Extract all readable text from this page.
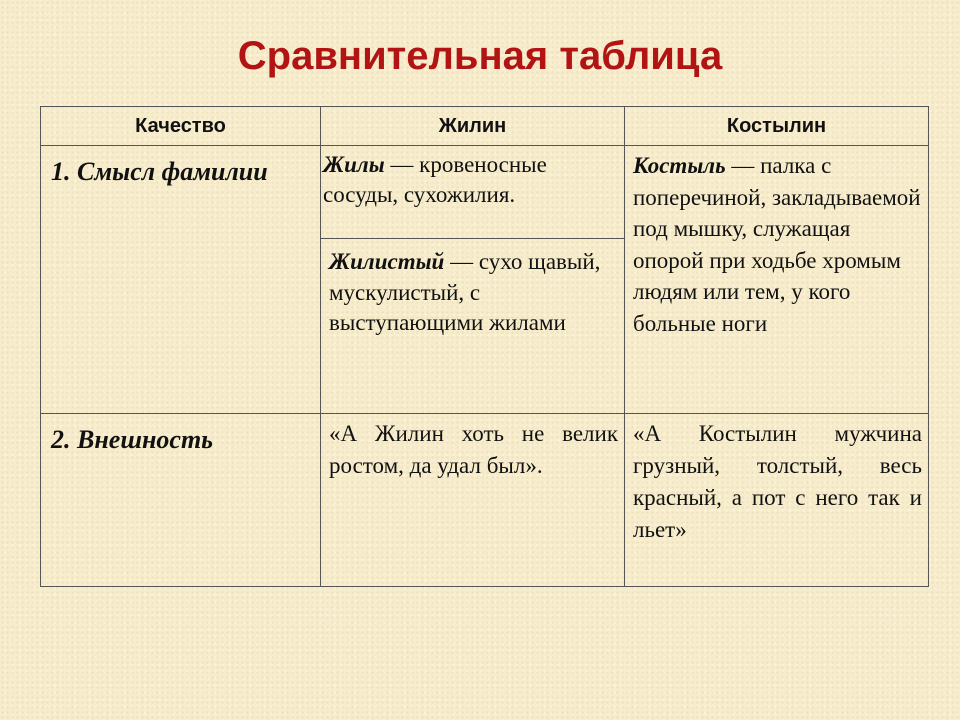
Сравнительная таблица
Качество	Жилин	Костылин

1. Смысл фамилии	Жилы — кровеносные сосуды, сухожилия.	Костыль — палка с поперечиной, закладываемой под мышку, служащая опорой при ходьбе хромым людям или тем, у кого больные ноги

	Жилистый — сухо щавый, мускулистый, с выступающими жилами	

2. Внешность	«А Жилин хоть не велик ростом, да удал был».	«А Костылин мужчина грузный, толстый, весь красный, а пот с него так и льет»
